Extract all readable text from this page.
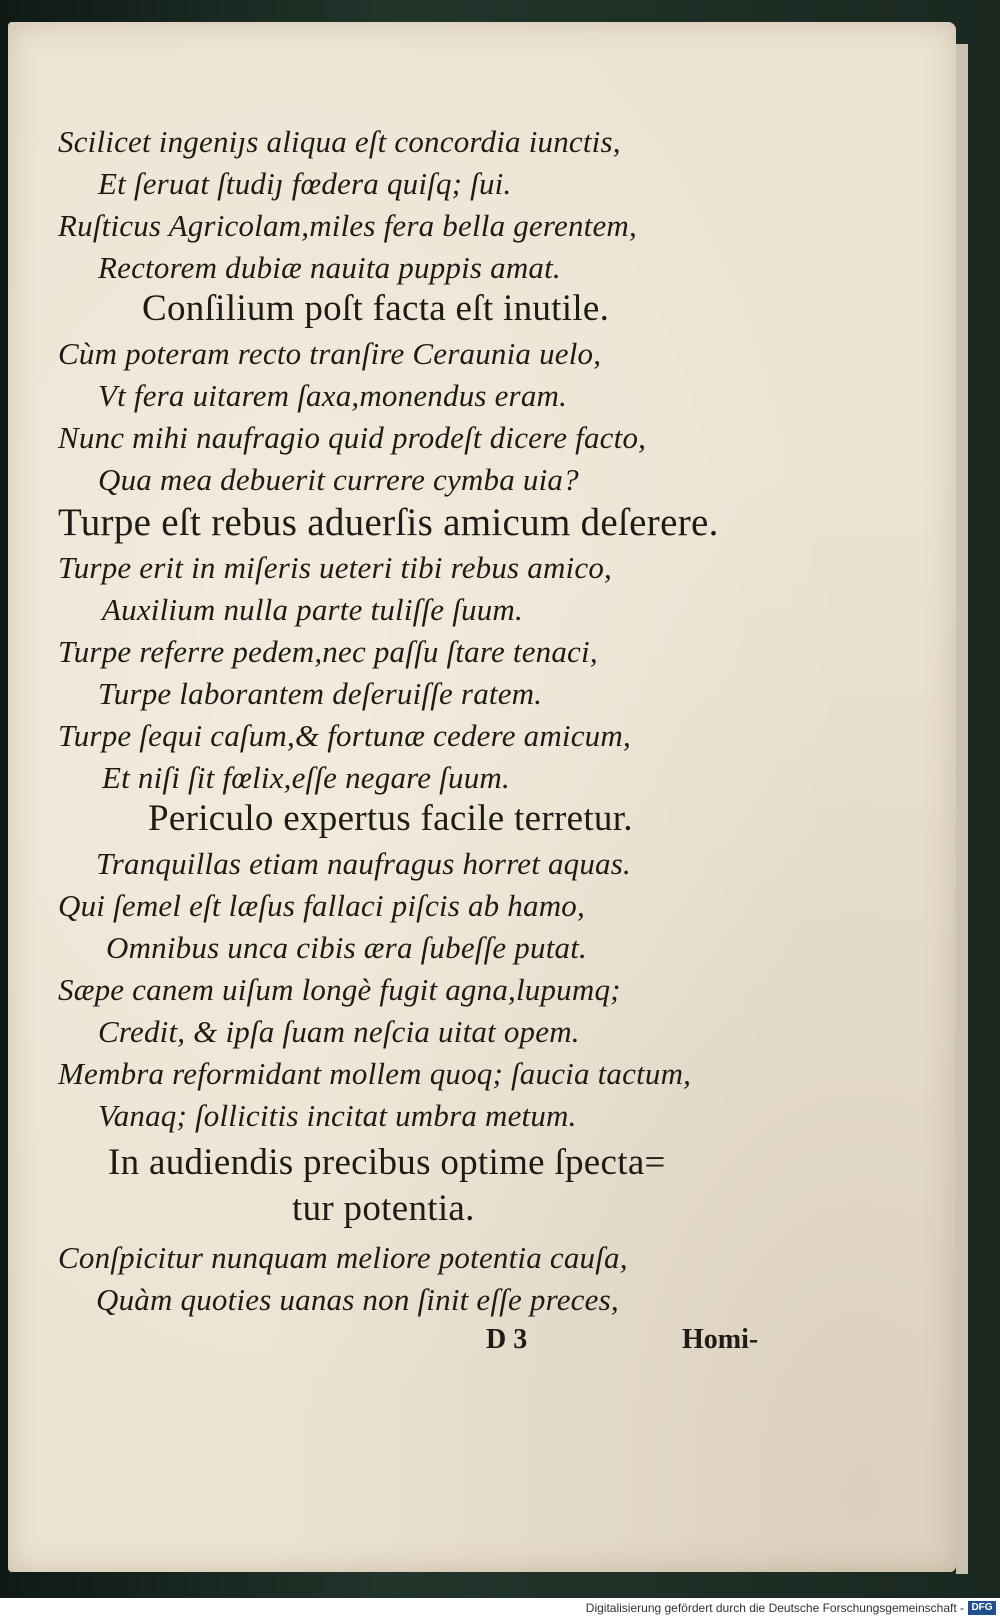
Scilicet ingeniȷs aliqua eſt concordia iunctis,
Et ſeruat ſtudiȷ fœdera quiſq; ſui.
Ruſticus Agricolam,miles fera bella gerentem,
Rectorem dubiæ nauita puppis amat.
Conſilium poſt facta eſt inutile.
Cùm poteram recto tranſire Ceraunia uelo,
Vt fera uitarem ſaxa,monendus eram.
Nunc mihi naufragio quid prodeſt dicere facto,
Qua mea debuerit currere cymba uia?
Turpe eſt rebus aduerſis amicum deſerere.
Turpe erit in miſeris ueteri tibi rebus amico,
Auxilium nulla parte tuliſſe ſuum.
Turpe referre pedem,nec paſſu ſtare tenaci,
Turpe laborantem deſeruiſſe ratem.
Turpe ſequi caſum,& fortunæ cedere amicum,
Et niſi ſit fœlix,eſſe negare ſuum.
Periculo expertus facile terretur.
Tranquillas etiam naufragus horret aquas.
Qui ſemel eſt læſus fallaci piſcis ab hamo,
Omnibus unca cibis æra ſubeſſe putat.
Sæpe canem uiſum longè fugit agna,lupumq;
Credit, & ipſa ſuam neſcia uitat opem.
Membra reformidant mollem quoq; ſaucia tactum,
Vanaq; ſollicitis incitat umbra metum.
In audiendis precibus optime ſpecta=
tur potentia.
Conſpicitur nunquam meliore potentia cauſa,
Quàm quoties uanas non ſinit eſſe preces,
D 3	Homi-
Digitalisierung gefördert durch die Deutsche Forschungsgemeinschaft - DFG
